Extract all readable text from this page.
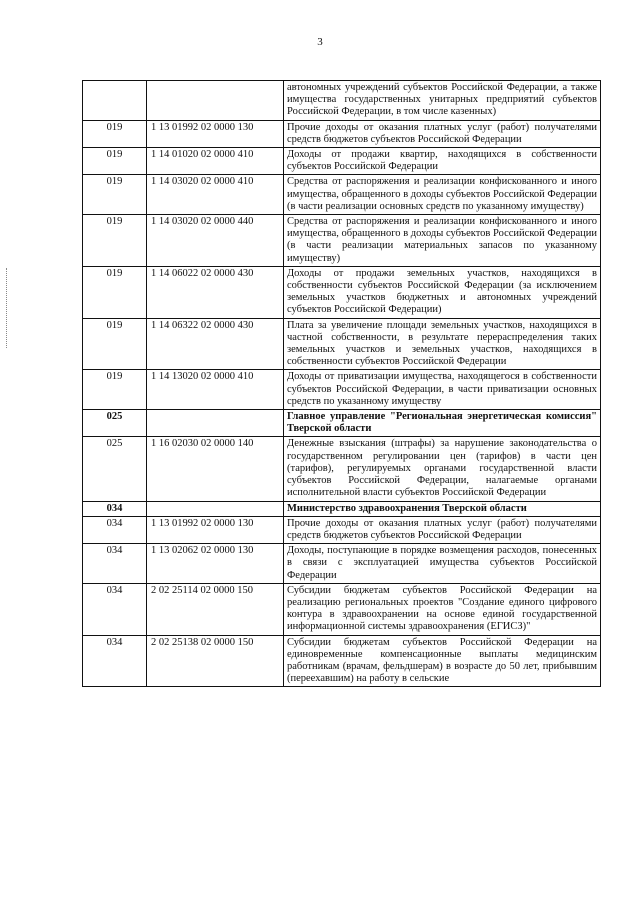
3
		автономных учреждений субъектов Российской Федерации, а также имущества государственных унитарных предприятий субъектов Российской Федерации, в том числе казенных)
019	1 13 01992 02 0000 130	Прочие доходы от оказания платных услуг (работ) получателями средств бюджетов субъектов Российской Федерации
019	1 14 01020 02 0000 410	Доходы от продажи квартир, находящихся в собственности субъектов Российской Федерации
019	1 14 03020 02 0000 410	Средства от распоряжения и реализации конфискованного и иного имущества, обращенного в доходы субъектов Российской Федерации (в части реализации основных средств по указанному имуществу)
019	1 14 03020 02 0000 440	Средства от распоряжения и реализации конфискованного и иного имущества, обращенного в доходы субъектов Российской Федерации (в части реализации материальных запасов по указанному имуществу)
019	1 14 06022 02 0000 430	Доходы от продажи земельных участков, находящихся в собственности субъектов Российской Федерации (за исключением земельных участков бюджетных и автономных учреждений субъектов Российской Федерации)
019	1 14 06322 02 0000 430	Плата за увеличение площади земельных участков, находящихся в частной собственности, в результате перераспределения таких земельных участков и земельных участков, находящихся в собственности субъектов Российской Федерации
019	1 14 13020 02 0000 410	Доходы от приватизации имущества, находящегося в собственности субъектов Российской Федерации, в части приватизации основных средств по указанному имуществу
025		Главное управление "Региональная энергетическая комиссия" Тверской области
025	1 16 02030 02 0000 140	Денежные взыскания (штрафы) за нарушение законодательства о государственном регулировании цен (тарифов) в части цен (тарифов), регулируемых органами государственной власти субъектов Российской Федерации, налагаемые органами исполнительной власти субъектов Российской Федерации
034		Министерство здравоохранения Тверской области
034	1 13 01992 02 0000 130	Прочие доходы от оказания платных услуг (работ) получателями средств бюджетов субъектов Российской Федерации
034	1 13 02062 02 0000 130	Доходы, поступающие в порядке возмещения расходов, понесенных в связи с эксплуатацией имущества субъектов Российской Федерации
034	2 02 25114 02 0000 150	Субсидии бюджетам субъектов Российской Федерации на реализацию региональных проектов "Создание единого цифрового контура в здравоохранении на основе единой государственной информационной системы здравоохранения (ЕГИСЗ)"
034	2 02 25138 02 0000 150	Субсидии бюджетам субъектов Российской Федерации на единовременные компенсационные выплаты медицинским работникам (врачам, фельдшерам) в возрасте до 50 лет, прибывшим (переехавшим) на работу в сельские
